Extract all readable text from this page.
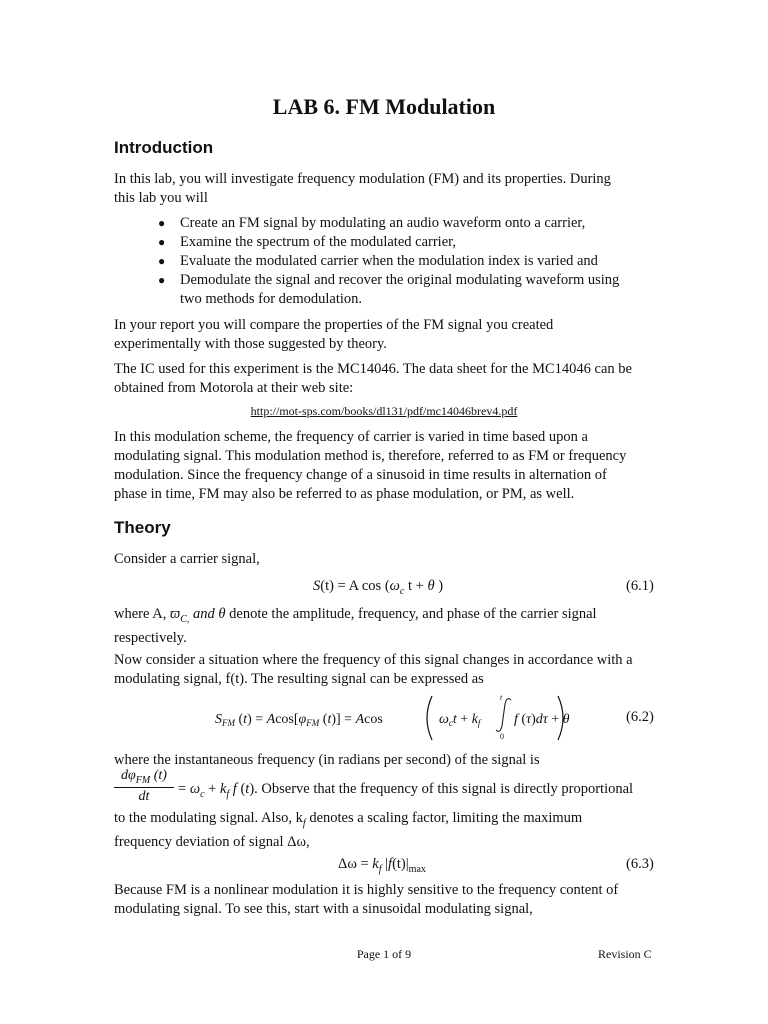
LAB 6. FM Modulation
Introduction
In this lab, you will investigate frequency modulation (FM) and its properties. During
this lab you will
● Create an FM signal by modulating an audio waveform onto a carrier,
● Examine the spectrum of the modulated carrier,
● Evaluate the modulated carrier when the modulation index is varied and
● Demodulate the signal and recover the original modulating waveform using
two methods for demodulation.
In your report you will compare the properties of the FM signal you created
experimentally with those suggested by theory.
The IC used for this experiment is the MC14046. The data sheet for the MC14046 can be
obtained from Motorola at their web site:
http://mot-sps.com/books/dl131/pdf/mc14046brev4.pdf
In this modulation scheme, the frequency of carrier is varied in time based upon a
modulating signal. This modulation method is, therefore, referred to as FM or frequency
modulation. Since the frequency change of a sinusoid in time results in alternation of
phase in time, FM may also be referred to as phase modulation, or PM, as well.
Theory
Consider a carrier signal,
S(t) = A $\cos (\omega_c$ t + θ )	(6.1)
where A, $ϖ_{C,}$ and θ denote the amplitude, frequency, and phase of the carrier signal
respectively.
Now consider a situation where the frequency of this signal changes in accordance with a
modulating signal, f(t). The resulting signal can be expressed as
$S_{FM}$ $(t) = Acos[\varphi_{FM}$ (t)] = Acos	$\omega_ct + k_f$
t
0
f (τ)dτ + θ	(6.2)
where the instantaneous frequency (in radians per second) of the signal is
$d\varphi_{FM}$ (t)
dt	= $\omega_c + k_f$ f (t). Observe that the frequency of this signal is directly proportional
to the modulating signal. Also, $k_f$ denotes a scaling factor, limiting the maximum
frequency deviation of signal Δω,
$\Delta\omega = k_f$ $|f(t)|_{max}$	(6.3)
Because FM is a nonlinear modulation it is highly sensitive to the frequency content of
modulating signal. To see this, start with a sinusoidal modulating signal,
Page 1 of 9	Revision C
